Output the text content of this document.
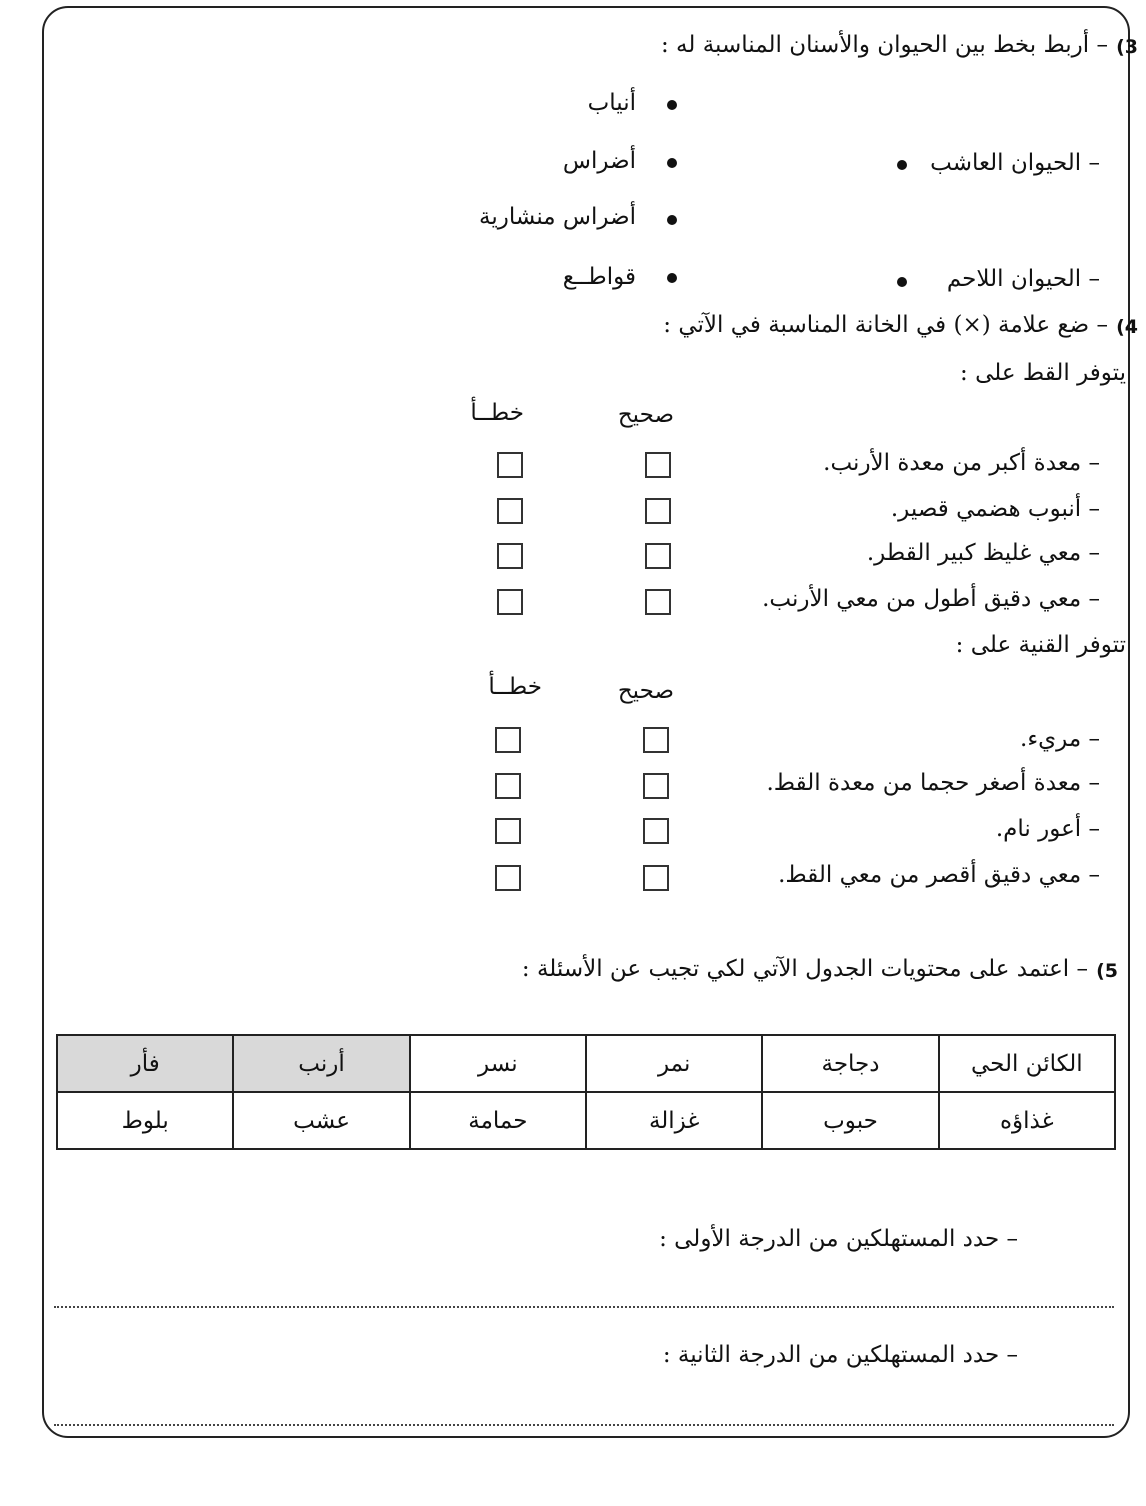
3)
– أربط بخط بين الحيوان والأسنان المناسبة له :
أنياب
– الحيوان العاشب
أضراس
أضراس منشارية
– الحيوان اللاحم
قواطــع
4)
– ضع علامة (×) في الخانة المناسبة في الآتي :
يتوفر القط على :
صحيح
خطــأ
– معدة أكبر من معدة الأرنب.
– أنبوب هضمي قصير.
– معي غليظ كبير القطر.
– معي دقيق أطول من معي الأرنب.
تتوفر القنية على :
صحيح
خطــأ
– مريء.
– معدة أصغر حجما من معدة القط.
– أعور نام.
– معي دقيق أقصر من معي القط.
5)
– اعتمد على محتويات الجدول الآتي لكي تجيب عن الأسئلة :
الكائن الحي	دجاجة	نمر	نسر	أرنب	فأر
غذاؤه	حبوب	غزالة	حمامة	عشب	بلوط
– حدد المستهلكين من الدرجة الأولى :
– حدد المستهلكين من الدرجة الثانية :
